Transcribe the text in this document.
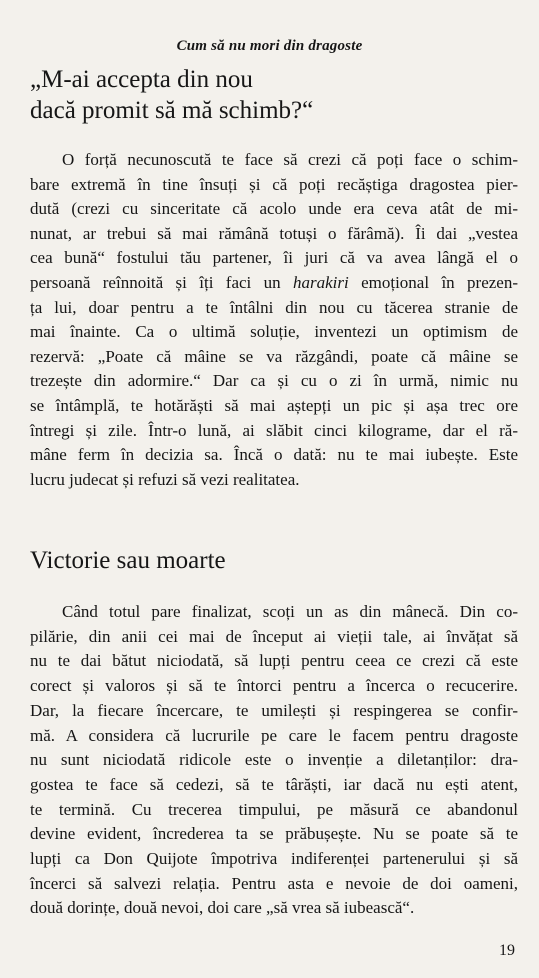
Cum să nu mori din dragoste
„M-ai accepta din nou
dacă promit să mă schimb?“

O forță necunoscută te face să crezi că poți face o schim-
bare extremă în tine însuți și că poți recăștiga dragostea pier-
dută (crezi cu sinceritate că acolo unde era ceva atât de mi-
nunat, ar trebui să mai rămână totuși o fărâmă). Îi dai „vestea
cea bună“ fostului tău partener, îi juri că va avea lângă el o
persoană reînnoită și îți faci un harakiri emoțional în prezen-
ța lui, doar pentru a te întâlni din nou cu tăcerea stranie de
mai înainte. Ca o ultimă soluție, inventezi un optimism de
rezervă: „Poate că mâine se va răzgândi, poate că mâine se
trezește din adormire.“ Dar ca și cu o zi în urmă, nimic nu
se întâmplă, te hotărăști să mai aștepți un pic și așa trec ore
întregi și zile. Într-o lună, ai slăbit cinci kilograme, dar el ră-
mâne ferm în decizia sa. Încă o dată: nu te mai iubește. Este
lucru judecat și refuzi să vezi realitatea.

Victorie sau moarte

Când totul pare finalizat, scoți un as din mânecă. Din co-
pilărie, din anii cei mai de început ai vieții tale, ai învățat să
nu te dai bătut niciodată, să lupți pentru ceea ce crezi că este
corect și valoros și să te întorci pentru a încerca o recucerire.
Dar, la fiecare încercare, te umilești și respingerea se confir-
mă. A considera că lucrurile pe care le facem pentru dragoste
nu sunt niciodată ridicole este o invenție a diletanților: dra-
gostea te face să cedezi, să te târăști, iar dacă nu ești atent,
te termină. Cu trecerea timpului, pe măsură ce abandonul
devine evident, încrederea ta se prăbușește. Nu se poate să te
lupți ca Don Quijote împotriva indiferenței partenerului și să
încerci să salvezi relația. Pentru asta e nevoie de doi oameni,
două dorințe, două nevoi, doi care „să vrea să iubească“.

19
